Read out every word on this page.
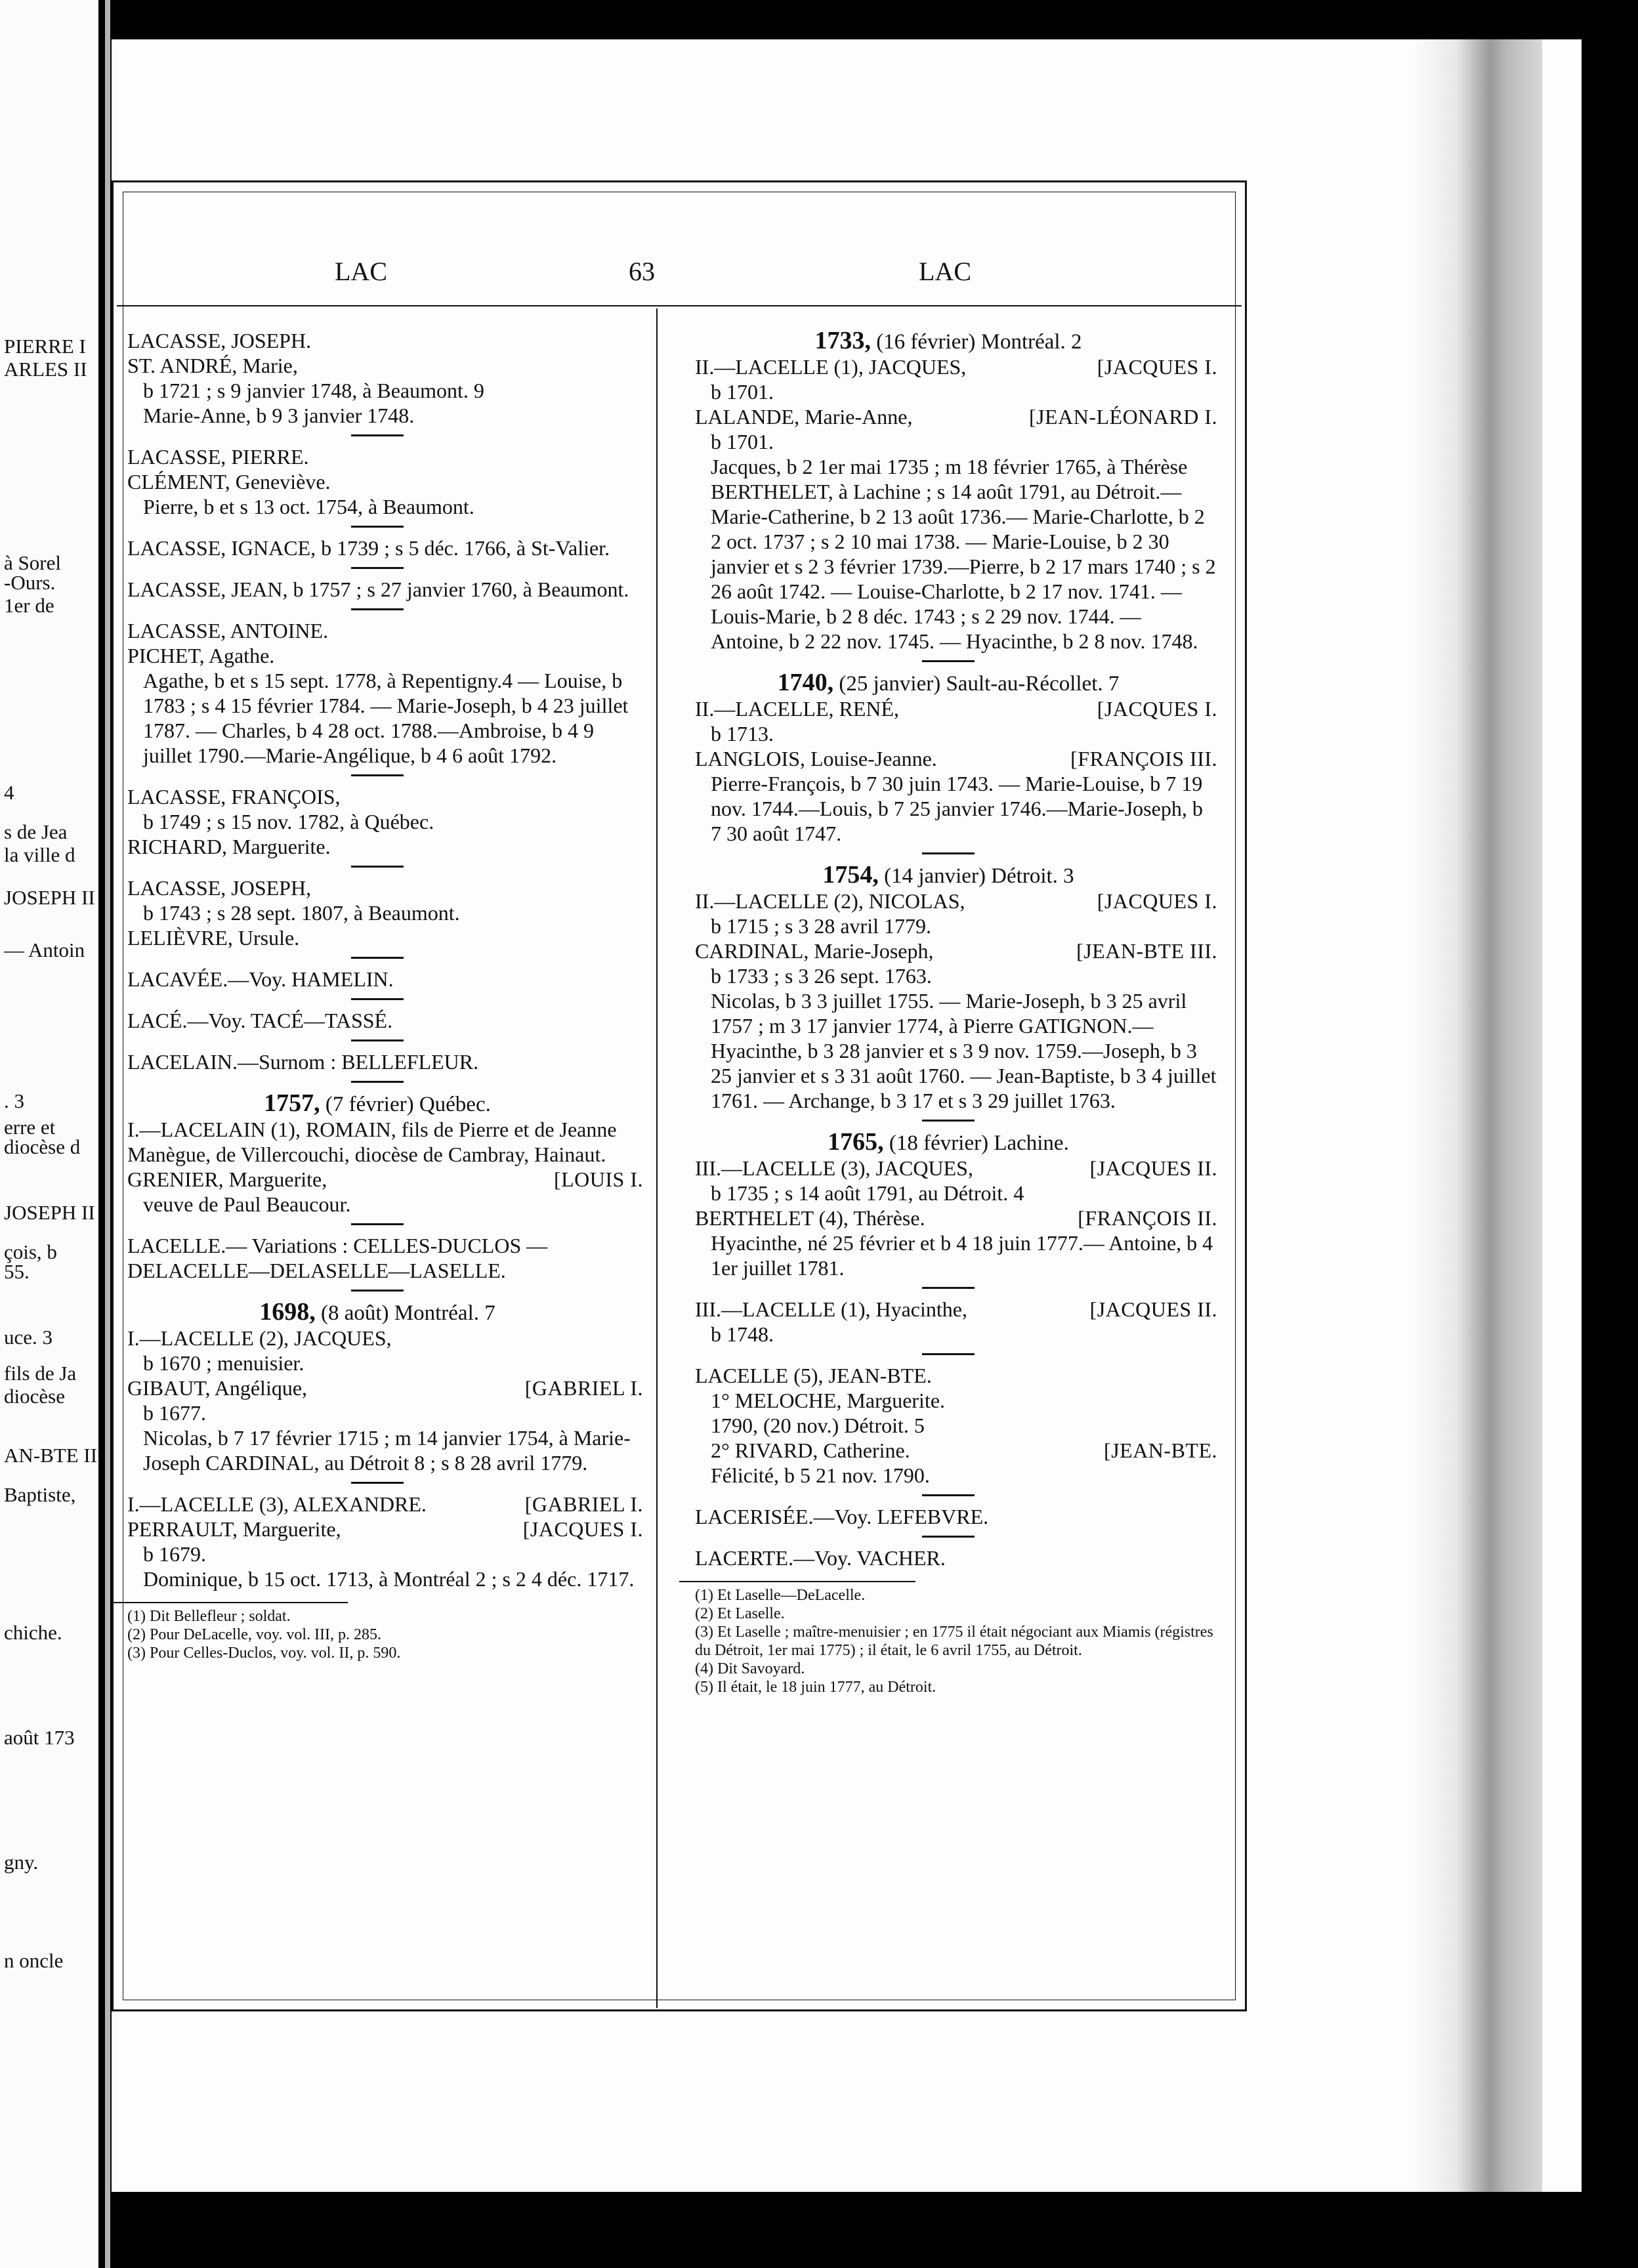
PIERRE I
ARLES II
à Sorel
-Ours.
1er de
4
s de Jea
la ville d
JOSEPH II
— Antoin
. 3
erre et
diocèse d
JOSEPH II
çois, b
55.
uce. 3
fils de Ja
diocèse
AN-BTE II
Baptiste,
chiche.
août 173
gny.
n oncle
LAC	63	LAC

LACASSE, JOSEPH.

ST. ANDRÉ, Marie,

b 1721 ; s 9 janvier 1748, à Beaumont. 9

Marie-Anne, b 9 3 janvier 1748.

LACASSE, PIERRE.

CLÉMENT, Geneviève.

Pierre, b et s 13 oct. 1754, à Beaumont.

LACASSE, IGNACE, b 1739 ; s 5 déc. 1766, à St-Valier.

LACASSE, JEAN, b 1757 ; s 27 janvier 1760, à Beaumont.

LACASSE, ANTOINE.

PICHET, Agathe.

Agathe, b et s 15 sept. 1778, à Repentigny.4 — Louise, b 1783 ; s 4 15 février 1784. — Marie-Joseph, b 4 23 juillet 1787. — Charles, b 4 28 oct. 1788.—Ambroise, b 4 9 juillet 1790.—Marie-Angélique, b 4 6 août 1792.

LACASSE, FRANÇOIS,

b 1749 ; s 15 nov. 1782, à Québec.

RICHARD, Marguerite.

LACASSE, JOSEPH,

b 1743 ; s 28 sept. 1807, à Beaumont.

LELIÈVRE, Ursule.

LACAVÉE.—Voy. HAMELIN.

LACÉ.—Voy. TACÉ—TASSÉ.

LACELAIN.—Surnom : BELLEFLEUR.

1757, (7 février) Québec.

I.—LACELAIN (1), ROMAIN, fils de Pierre et de Jeanne Manègue, de Villercouchi, diocèse de Cambray, Hainaut.

GRENIER, Marguerite,	[LOUIS I.

veuve de Paul Beaucour.

LACELLE.— Variations : CELLES-DUCLOS —DELACELLE—DELASELLE—LASELLE.

1698, (8 août) Montréal. 7

I.—LACELLE (2), JACQUES,

b 1670 ; menuisier.

GIBAUT, Angélique,	[GABRIEL I.

b 1677.

Nicolas, b 7 17 février 1715 ; m 14 janvier 1754, à Marie-Joseph CARDINAL, au Détroit 8 ; s 8 28 avril 1779.

I.—LACELLE (3), ALEXANDRE.	[GABRIEL I.

PERRAULT, Marguerite,	[JACQUES I.

b 1679.

Dominique, b 15 oct. 1713, à Montréal 2 ; s 2 4 déc. 1717.

(1) Dit Bellefleur ; soldat.
(2) Pour DeLacelle, voy. vol. III, p. 285.
(3) Pour Celles-Duclos, voy. vol. II, p. 590.
1733, (16 février) Montréal. 2

II.—LACELLE (1), JACQUES,	[JACQUES I.

b 1701.

LALANDE, Marie-Anne,	[JEAN-LÉONARD I.

b 1701.

Jacques, b 2 1er mai 1735 ; m 18 février 1765, à Thérèse BERTHELET, à Lachine ; s 14 août 1791, au Détroit.—Marie-Catherine, b 2 13 août 1736.— Marie-Charlotte, b 2 2 oct. 1737 ; s 2 10 mai 1738. — Marie-Louise, b 2 30 janvier et s 2 3 février 1739.—Pierre, b 2 17 mars 1740 ; s 2 26 août 1742. — Louise-Charlotte, b 2 17 nov. 1741. — Louis-Marie, b 2 8 déc. 1743 ; s 2 29 nov. 1744. — Antoine, b 2 22 nov. 1745. — Hyacinthe, b 2 8 nov. 1748.

1740, (25 janvier) Sault-au-Récollet. 7

II.—LACELLE, RENÉ,	[JACQUES I.

b 1713.

LANGLOIS, Louise-Jeanne.	[FRANÇOIS III.

Pierre-François, b 7 30 juin 1743. — Marie-Louise, b 7 19 nov. 1744.—Louis, b 7 25 janvier 1746.—Marie-Joseph, b 7 30 août 1747.

1754, (14 janvier) Détroit. 3

II.—LACELLE (2), NICOLAS,	[JACQUES I.

b 1715 ; s 3 28 avril 1779.

CARDINAL, Marie-Joseph,	[JEAN-BTE III.

b 1733 ; s 3 26 sept. 1763.

Nicolas, b 3 3 juillet 1755. — Marie-Joseph, b 3 25 avril 1757 ; m 3 17 janvier 1774, à Pierre GATIGNON.— Hyacinthe, b 3 28 janvier et s 3 9 nov. 1759.—Joseph, b 3 25 janvier et s 3 31 août 1760. — Jean-Baptiste, b 3 4 juillet 1761. — Archange, b 3 17 et s 3 29 juillet 1763.

1765, (18 février) Lachine.

III.—LACELLE (3), JACQUES,	[JACQUES II.

b 1735 ; s 14 août 1791, au Détroit. 4

BERTHELET (4), Thérèse.	[FRANÇOIS II.

Hyacinthe, né 25 février et b 4 18 juin 1777.— Antoine, b 4 1er juillet 1781.

III.—LACELLE (1), Hyacinthe,	[JACQUES II.

b 1748.

LACELLE (5), JEAN-BTE.

1° MELOCHE, Marguerite.

1790, (20 nov.) Détroit. 5

2° RIVARD, Catherine.	[JEAN-BTE.

Félicité, b 5 21 nov. 1790.

LACERISÉE.—Voy. LEFEBVRE.

LACERTE.—Voy. VACHER.

(1) Et Laselle—DeLacelle.
(2) Et Laselle.
(3) Et Laselle ; maître-menuisier ; en 1775 il était négociant aux Miamis (régistres du Détroit, 1er mai 1775) ; il était, le 6 avril 1755, au Détroit.
(4) Dit Savoyard.
(5) Il était, le 18 juin 1777, au Détroit.
